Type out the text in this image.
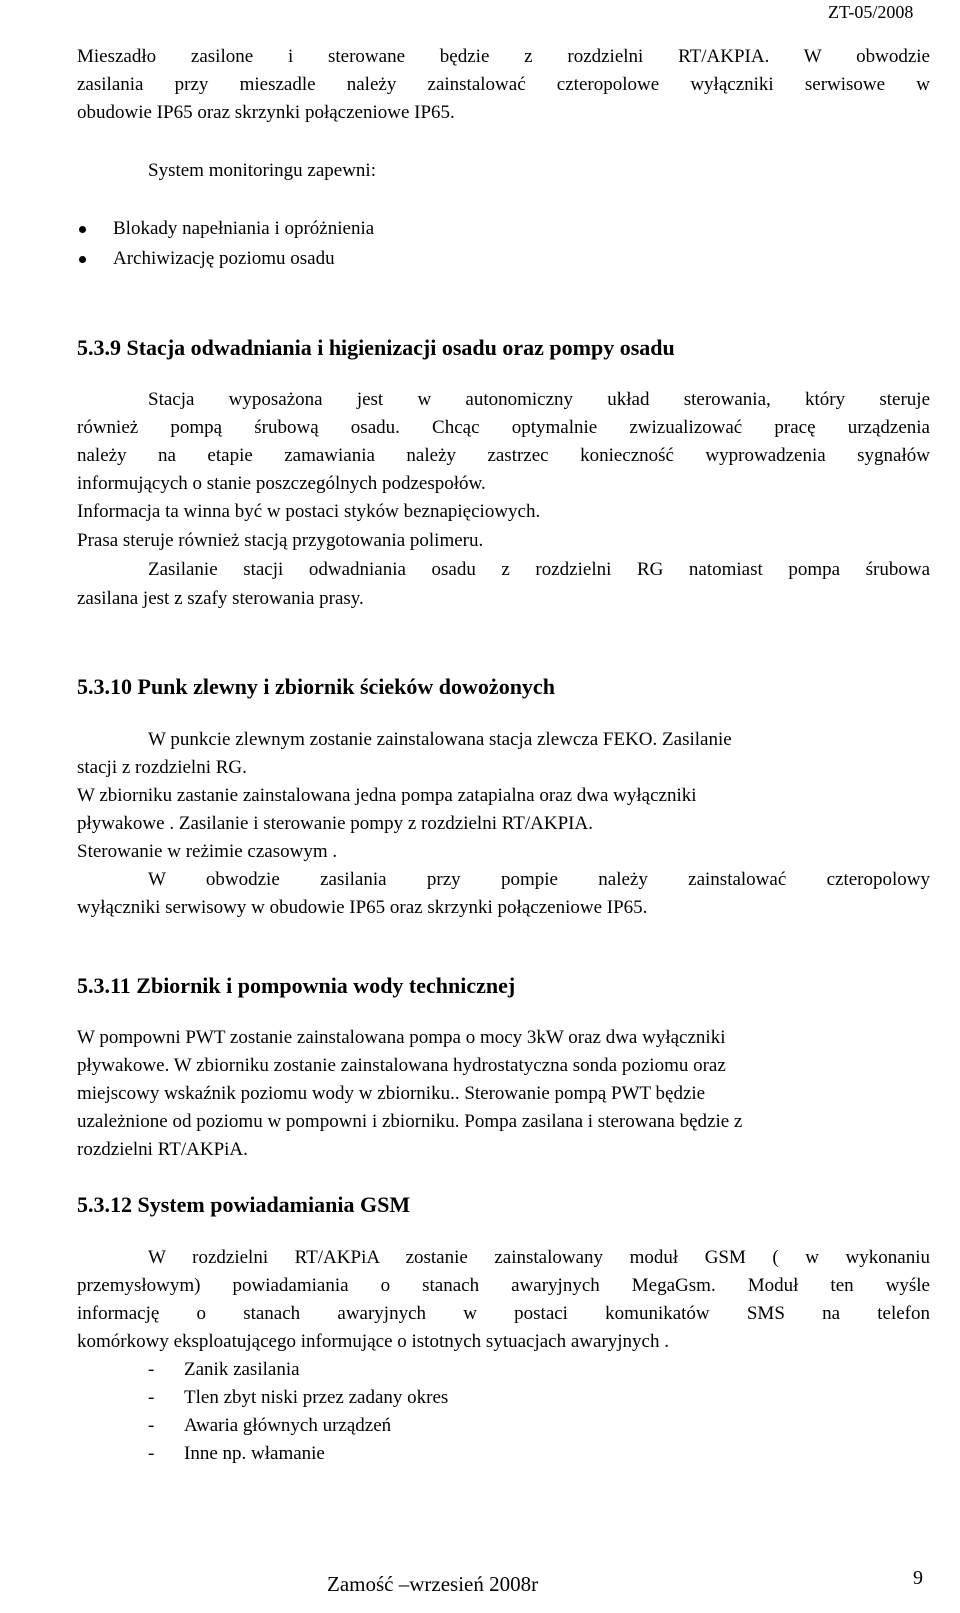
ZT-05/2008
Mieszadło zasilone i sterowane będzie z rozdzielni RT/AKPIA. W obwodzie
zasilania przy mieszadle należy zainstalować czteropolowe wyłączniki serwisowe w
obudowie IP65 oraz skrzynki połączeniowe IP65.
System monitoringu zapewni:
Blokady napełniania i opróżnienia
Archiwizację poziomu osadu
5.3.9 Stacja odwadniania i higienizacji osadu oraz pompy osadu
Stacja wyposażona jest w autonomiczny układ sterowania, który steruje
również pompą śrubową osadu. Chcąc optymalnie zwizualizować pracę urządzenia
należy na etapie zamawiania należy zastrzec konieczność wyprowadzenia sygnałów
informujących o stanie poszczególnych podzespołów.
Informacja ta winna być w postaci styków beznapięciowych.
Prasa steruje również stacją przygotowania polimeru.
Zasilanie stacji odwadniania osadu z rozdzielni RG natomiast pompa śrubowa
zasilana jest z szafy sterowania prasy.
5.3.10 Punk zlewny i zbiornik ścieków dowożonych
W punkcie zlewnym zostanie zainstalowana stacja zlewcza FEKO. Zasilanie
stacji z rozdzielni RG.
W zbiorniku zastanie zainstalowana jedna pompa zatapialna oraz dwa wyłączniki
pływakowe . Zasilanie i sterowanie pompy z rozdzielni RT/AKPIA.
Sterowanie w reżimie czasowym .
W obwodzie zasilania przy pompie należy zainstalować czteropolowy
wyłączniki serwisowy w obudowie IP65 oraz skrzynki połączeniowe IP65.
5.3.11 Zbiornik i pompownia wody technicznej
W pompowni PWT zostanie zainstalowana pompa o mocy 3kW oraz dwa wyłączniki
pływakowe. W zbiorniku zostanie zainstalowana hydrostatyczna sonda poziomu oraz
miejscowy wskaźnik poziomu wody w zbiorniku.. Sterowanie pompą PWT będzie
uzależnione od poziomu w pompowni i zbiorniku. Pompa zasilana i sterowana będzie z
rozdzielni RT/AKPiA.
5.3.12 System powiadamiania GSM
W rozdzielni RT/AKPiA zostanie zainstalowany moduł GSM ( w wykonaniu
przemysłowym) powiadamiania o stanach awaryjnych MegaGsm. Moduł ten wyśle
informację o stanach awaryjnych w postaci komunikatów SMS na telefon
komórkowy eksploatującego informujące o istotnych sytuacjach awaryjnych .
- Zanik zasilania
- Tlen zbyt niski przez zadany okres
- Awaria głównych urządzeń
- Inne np. włamanie
Zamość –wrzesień 2008r	9
